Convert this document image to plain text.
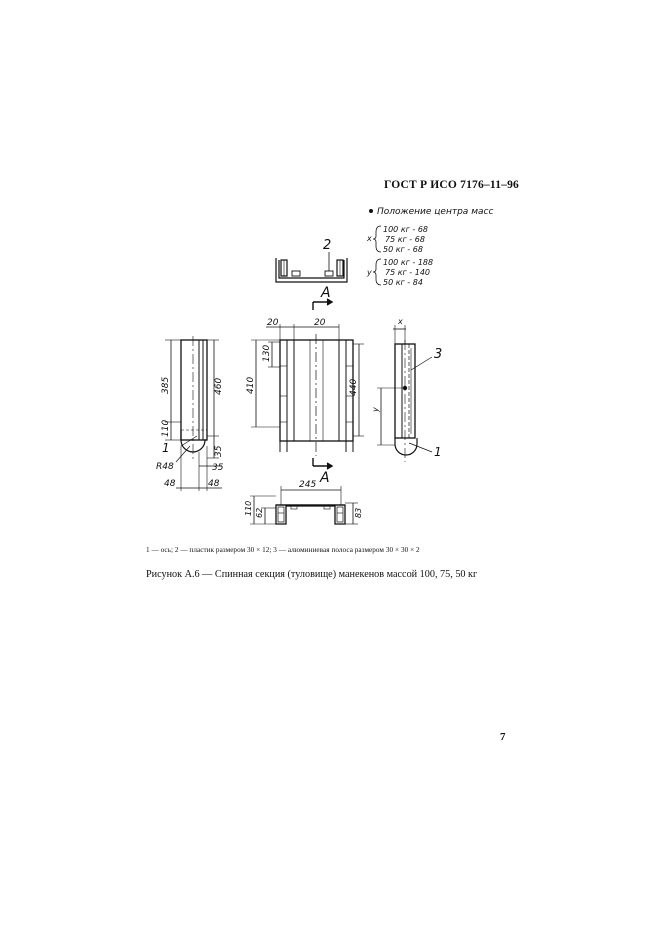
ГОСТ Р ИСО 7176–11–96
Положение центра масс
x
100 кг - 68
75 кг - 68
50 кг - 68
y
100 кг - 188
75 кг - 140
50 кг - 84
2
А
20	20
130
410	440
А
385
110
460
35
35
1
R48
48	48
x
y
3
1
245
110 62	83
1 — ось; 2 — пластик размером 30 × 12; 3 — алюминиевая полоса размером 30 × 30 × 2
Рисунок А.6 — Спинная секция (туловище) манекенов массой 100, 75, 50 кг
7
